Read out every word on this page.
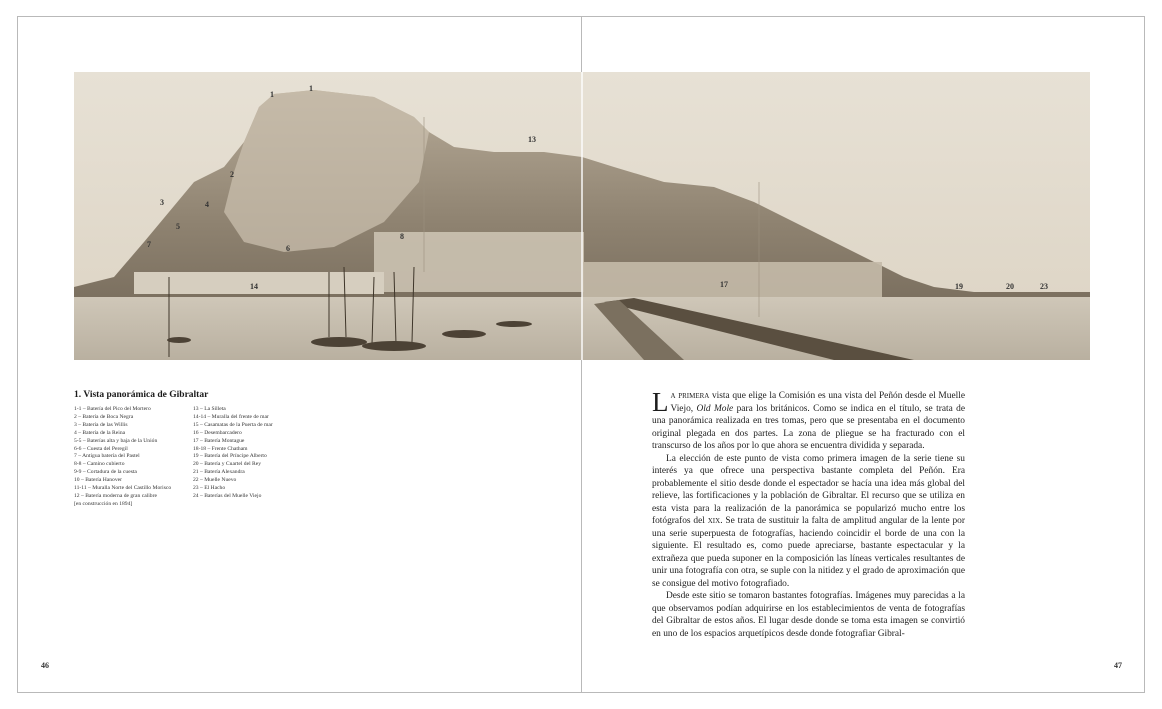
1
1
2
3	4
5
6
7
8
13
14	17	19	20	23
1. Vista panorámica de Gibraltar
1-1 – Batería del Pico del Mortero
2 – Batería de Boca Negra
3 – Batería de las Willis
4 – Batería de la Reina
5-5 – Baterías alta y baja de la Unión
6-6 – Cuesta del Peregil
7 – Antigua batería del Pastel
8-8 – Camino cubierto
9-9 – Cortadura de la cuesta
10 – Batería Hanover
11-11 – Muralla Norte del Castillo Morisco
12 – Batería moderna de gran calibre
[en construcción en 1894]
13 – La Silleta
14-14 – Muralla del frente de mar
15 – Casamatas de la Puerta de mar
16 – Desembarcadero
17 – Batería Montague
18-18 – Frente Chatham
19 – Batería del Príncipe Alberto
20 – Batería y Cuartel del Rey
21 – Batería Alexandra
22 – Muelle Nuevo
23 – El Hacho
24 – Baterías del Muelle Viejo

La primera vista que elige la Comisión es una vista del Peñón desde el Muelle Viejo, Old Mole para los británicos. Como se indica en el título, se trata de una panorámica realizada en tres tomas, pero que se presentaba en el documento original plegada en dos partes. La zona de pliegue se ha fracturado con el transcurso de los años por lo que ahora se encuentra dividida y separada.

La elección de este punto de vista como primera imagen de la serie tiene su interés ya que ofrece una perspectiva bastante completa del Peñón. Era probablemente el sitio desde donde el espectador se hacía una idea más global del relieve, las fortificaciones y la población de Gibraltar. El recurso que se utiliza en esta vista para la realización de la panorámica se popularizó mucho entre los fotógrafos del xix. Se trata de sustituir la falta de amplitud angular de la lente por una serie superpuesta de fotografías, haciendo coincidir el borde de una con la siguiente. El resultado es, como puede apreciarse, bastante espectacular y la extrañeza que pueda suponer en la composición las líneas verticales resultantes de unir una fotografía con otra, se suple con la nitidez y el grado de aproximación que se consigue del motivo fotografiado.

Desde este sitio se tomaron bastantes fotografías. Imágenes muy parecidas a la que observamos podían adquirirse en los establecimientos de venta de fotografías del Gibraltar de estos años. El lugar desde donde se toma esta imagen se convirtió en uno de los espacios arquetípicos desde donde fotografiar Gibral-

46	47
